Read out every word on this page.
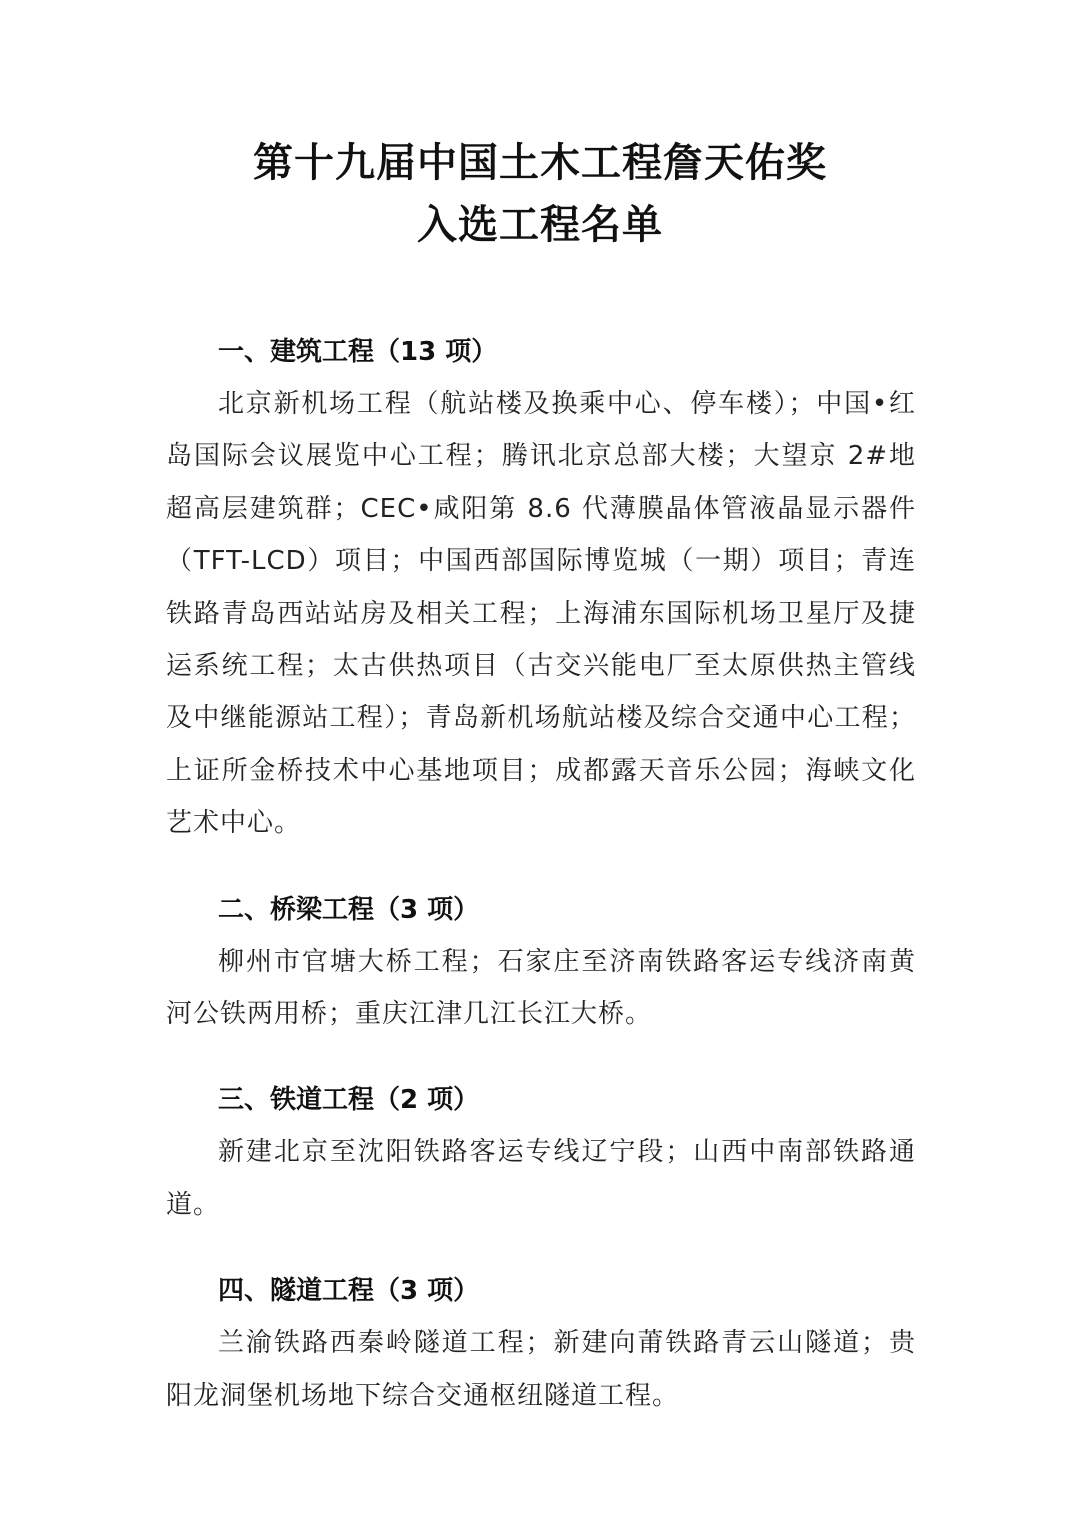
第十九届中国土木工程詹天佑奖
入选工程名单
一、建筑工程（13 项）

北京新机场工程（航站楼及换乘中心、停车楼）；中国•红岛国际会议展览中心工程；腾讯北京总部大楼；大望京 2#地超高层建筑群；CEC•咸阳第 8.6 代薄膜晶体管液晶显示器件（TFT-LCD）项目；中国西部国际博览城（一期）项目；青连铁路青岛西站站房及相关工程；上海浦东国际机场卫星厅及捷运系统工程；太古供热项目（古交兴能电厂至太原供热主管线及中继能源站工程）；青岛新机场航站楼及综合交通中心工程；上证所金桥技术中心基地项目；成都露天音乐公园；海峡文化艺术中心。

二、桥梁工程（3 项）

柳州市官塘大桥工程；石家庄至济南铁路客运专线济南黄河公铁两用桥；重庆江津几江长江大桥。

三、铁道工程（2 项）

新建北京至沈阳铁路客运专线辽宁段；山西中南部铁路通道。

四、隧道工程（3 项）

兰渝铁路西秦岭隧道工程；新建向莆铁路青云山隧道；贵阳龙洞堡机场地下综合交通枢纽隧道工程。
